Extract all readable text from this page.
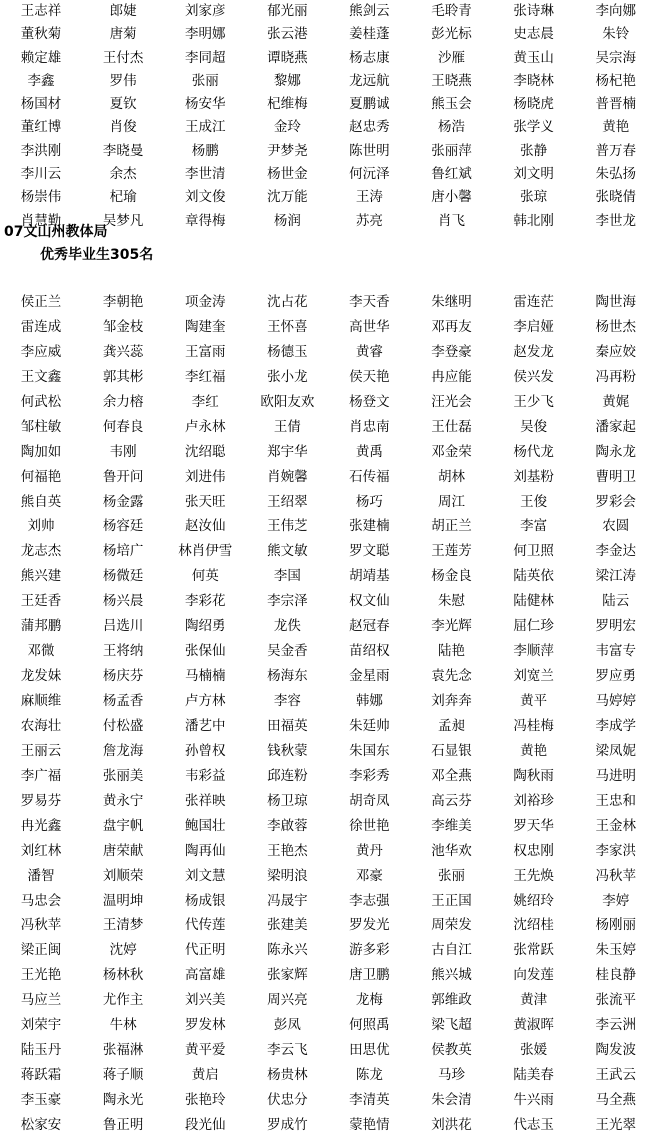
王志祥	郎婕	刘家彦	郁光丽	熊剑云	毛聆青	张诗琳	李向娜
董秋菊	唐菊	李明娜	张云港	姜桂蓬	彭光标	史志晨	朱铃
赖定雄	王付杰	李同超	谭晓燕	杨志康	沙雁	黄玉山	吴宗海
李鑫	罗伟	张丽	黎娜	龙远航	王晓燕	李晓林	杨杞艳
杨国材	夏钦	杨安华	杞维梅	夏鹏诚	熊玉会	杨晓虎	普晋楠
董红博	肖俊	王成江	金玲	赵忠秀	杨浩	张学义	黄艳
李洪刚	李晓曼	杨鹏	尹梦尧	陈世明	张丽萍	张静	普万春
李川云	余杰	李世清	杨世金	何沅泽	鲁红斌	刘文明	朱弘扬
杨崇伟	杞瑜	刘文俊	沈万能	王涛	唐小馨	张琼	张晓倩
肖慧勤	吴梦凡	章得梅	杨润	苏亮	肖飞	韩北刚	李世龙
07文山州教体局
优秀毕业生305名
侯正兰	李朝艳	项金涛	沈占花	李天香	朱继明	雷连茫	陶世海
雷连成	邹金枝	陶建奎	王怀喜	高世华	邓再友	李启娅	杨世杰
李应威	龚兴蕊	王富雨	杨德玉	黄睿	李登豪	赵发龙	秦应姣
王文鑫	郭其彬	李红福	张小龙	侯天艳	冉应能	侯兴发	冯再粉
何武松	余力榕	李红	欧阳友欢	杨登文	汪光会	王少飞	黄娓
邹柱敏	何春良	卢永林	王倩	肖忠南	王仕磊	吴俊	潘家起
陶加如	韦刚	沈绍聪	郑宇华	黄禹	邓金荣	杨代龙	陶永龙
何福艳	鲁开问	刘进伟	肖婉馨	石传福	胡林	刘基粉	曹明卫
熊自英	杨金露	张天旺	王绍翠	杨巧	周江	王俊	罗彩会
刘帅	杨容廷	赵汝仙	王伟芝	张建楠	胡正兰	李富	农圆
龙志杰	杨培广	林肖伊雪	熊文敏	罗文聪	王莲芳	何卫照	李金达
熊兴建	杨微廷	何英	李国	胡靖基	杨金良	陆英依	梁江涛
王廷香	杨兴晨	李彩花	李宗泽	权文仙	朱慰	陆健林	陆云
蒲邦鹏	吕选川	陶绍勇	龙佚	赵冠春	李光辉	屈仁珍	罗明宏
邓微	王将纳	张保仙	吴金香	苗绍权	陆艳	李顺萍	韦富专
龙发妹	杨庆芬	马楠楠	杨海东	金星雨	袁先念	刘宽兰	罗应勇
麻顺维	杨孟香	卢方林	李容	韩娜	刘奔奔	黄平	马婷婷
农海壮	付松盛	潘艺中	田福英	朱廷帅	孟昶	冯桂梅	李成学
王丽云	詹龙海	孙曾权	钱秋蒙	朱国东	石显银	黄艳	梁凤妮
李广福	张丽美	韦彩益	邱连粉	李彩秀	邓全燕	陶秋雨	马进明
罗易芬	黄永宁	张祥映	杨卫琼	胡奇凤	高云芬	刘裕珍	王忠和
冉光鑫	盘宇帆	鲍国壮	李啟蓉	徐世艳	李维美	罗天华	王金林
刘红林	唐荣献	陶再仙	王艳杰	黄丹	池华欢	权忠刚	李家洪
潘智	刘顺荣	刘文慧	梁明浪	邓豪	张丽	王先焕	冯秋苹
马忠会	温明坤	杨成银	冯晟宇	李志强	王正国	姚绍玲	李婷
冯秋苹	王清梦	代传莲	张建美	罗发光	周荣发	沈绍桂	杨刚丽
梁正闽	沈婷	代正明	陈永兴	游多彩	古自江	张常跃	朱玉婷
王光艳	杨林秋	高富雄	张家辉	唐卫鹏	熊兴城	向发莲	桂良静
马应兰	尤作主	刘兴美	周兴亮	龙梅	郭维政	黄津	张流平
刘荣宇	牛林	罗发林	彭凤	何照禹	梁飞超	黄淑晖	李云洲
陆玉丹	张福淋	黄平爱	李云飞	田思优	侯教英	张媛	陶发波
蒋跃霜	蒋子顺	黄启	杨贵林	陈龙	马珍	陆美春	王武云
李玉豪	陶永光	张艳玲	伏忠分	李清英	朱会清	牛兴雨	马全燕
松家安	鲁正明	段光仙	罗成竹	蒙艳情	刘洪花	代志玉	王光翠
